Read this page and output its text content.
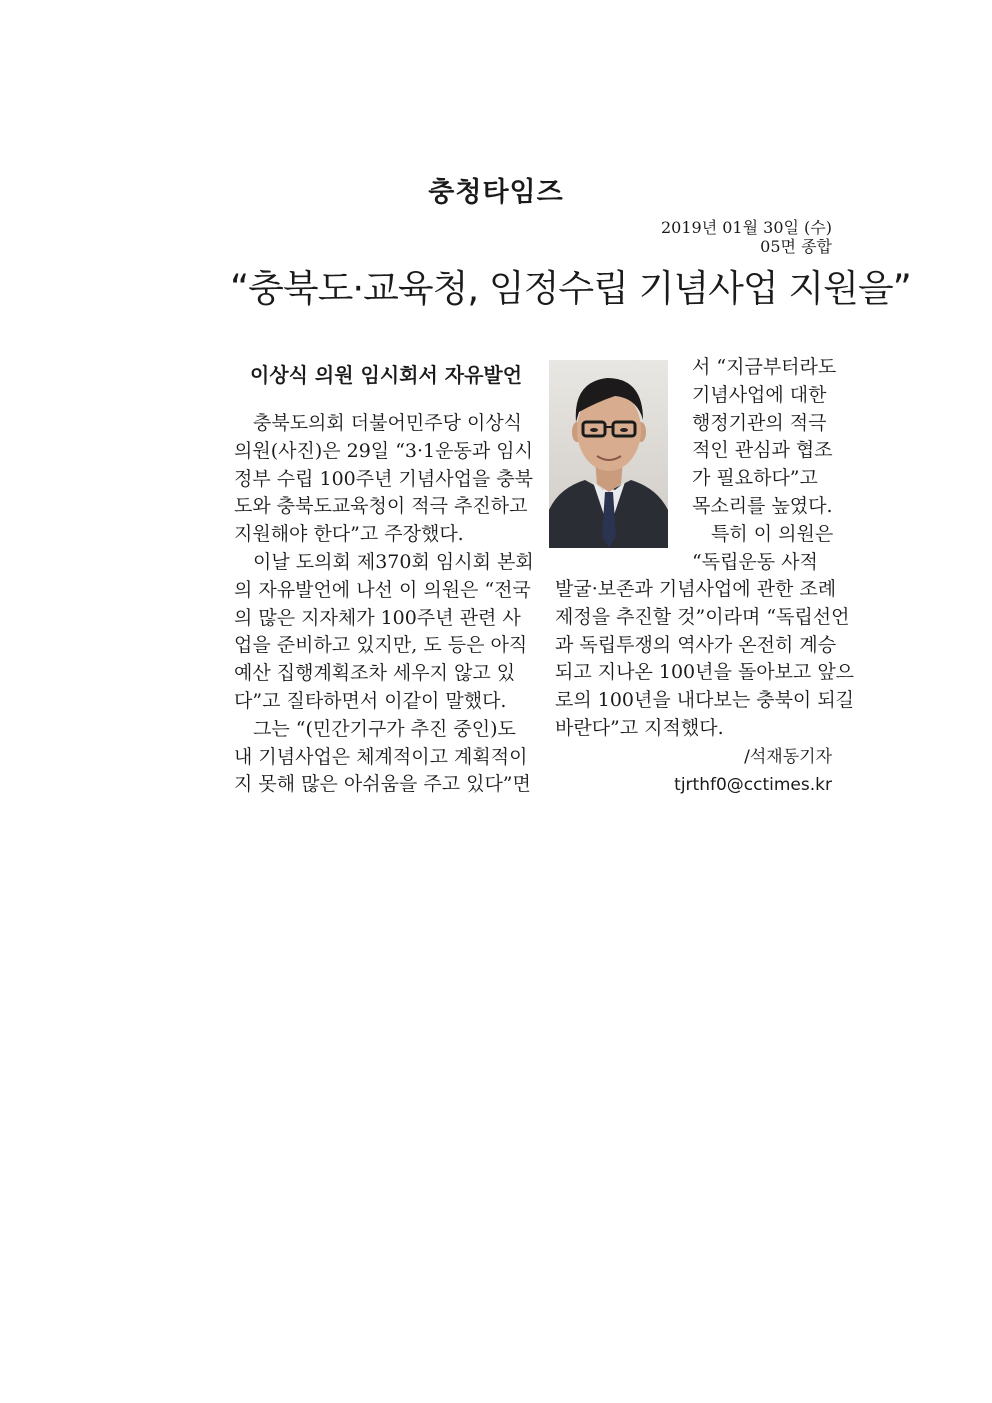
충청타임즈
2019년 01월 30일 (수)
05면 종합
“충북도·교육청, 임정수립 기념사업 지원을”
이상식 의원 임시회서 자유발언

충북도의회 더불어민주당 이상식

의원(사진)은 29일 “3·1운동과 임시

정부 수립 100주년 기념사업을 충북

도와 충북도교육청이 적극 추진하고

지원해야 한다”고 주장했다.

이날 도의회 제370회 임시회 본회

의 자유발언에 나선 이 의원은 “전국

의 많은 지자체가 100주년 관련 사

업을 준비하고 있지만, 도 등은 아직

예산 집행계획조차 세우지 않고 있

다”고 질타하면서 이같이 말했다.

그는 “(민간기구가 추진 중인)도

내 기념사업은 체계적이고 계획적이

지 못해 많은 아쉬움을 주고 있다”면

서 “지금부터라도

기념사업에 대한

행정기관의 적극

적인 관심과 협조

가 필요하다”고

목소리를 높였다.

특히 이 의원은

“독립운동 사적

발굴·보존과 기념사업에 관한 조례

제정을 추진할 것”이라며 “독립선언

과 독립투쟁의 역사가 온전히 계승

되고 지나온 100년을 돌아보고 앞으

로의 100년을 내다보는 충북이 되길

바란다”고 지적했다.

/석재동기자
tjrthf0@cctimes.kr
